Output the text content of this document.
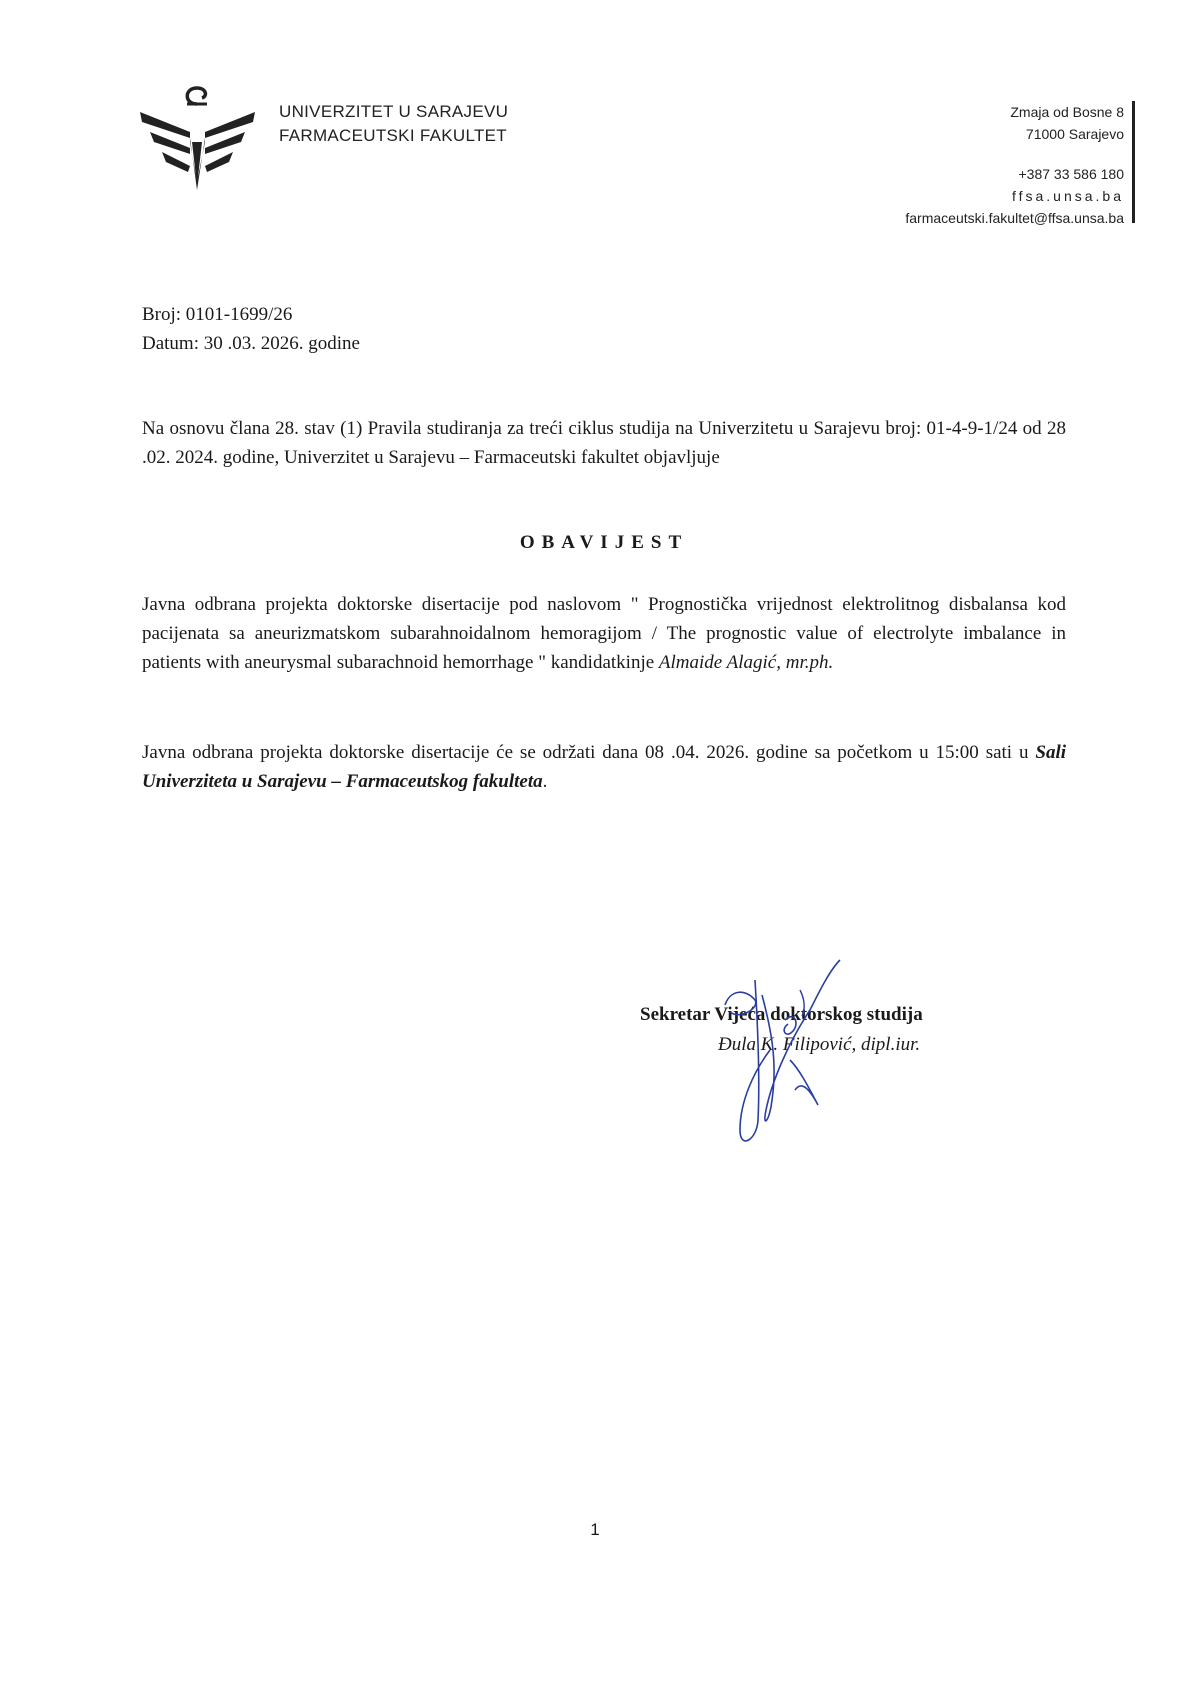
UNIVERZITET U SARAJEVU
FARMACEUTSKI FAKULTET
Zmaja od Bosne 8
71000 Sarajevo
+387 33 586 180
ffsa.unsa.ba
farmaceutski.fakultet@ffsa.unsa.ba
Broj: 0101-1699/26
Datum: 30 .03. 2026. godine
Na osnovu člana 28. stav (1) Pravila studiranja za treći ciklus studija na Univerzitetu u Sarajevu broj: 01-4-9-1/24 od 28 .02. 2024. godine, Univerzitet u Sarajevu – Farmaceutski fakultet objavljuje
OBAVIJEST
Javna odbrana projekta doktorske disertacije pod naslovom " Prognostička vrijednost elektrolitnog disbalansa kod pacijenata sa aneurizmatskom subarahnoidalnom hemoragijom / The prognostic value of electrolyte imbalance in patients with aneurysmal subarachnoid hemorrhage " kandidatkinje Almaide Alagić, mr.ph.
Javna odbrana projekta doktorske disertacije će se održati dana 08 .04. 2026. godine sa početkom u 15:00 sati u Sali Univerziteta u Sarajevu – Farmaceutskog fakulteta.
Sekretar Vijeća doktorskog studija
Đula K. Filipović, dipl.iur.
1
